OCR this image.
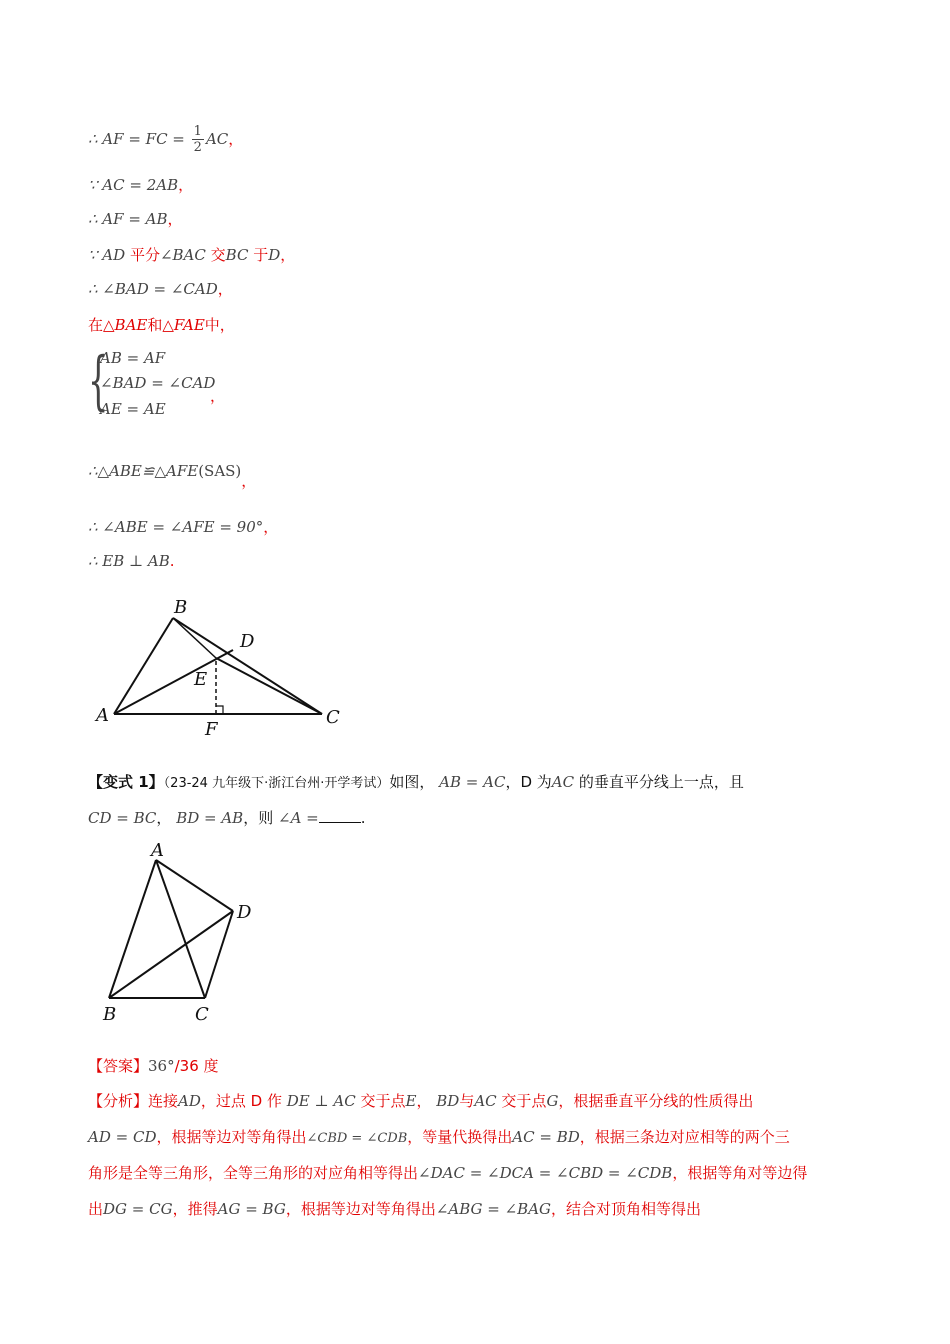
∴ AF = FC = $\frac{1}{2}$ AC，
∵ AC = 2AB，
∴ AF = AB，
∵ AD 平分∠BAC 交BC 于D，
∴ ∠BAD = ∠CAD，
在△BAE和△FAE中，
{
AB = AF
∠BAD = ∠CAD
AE = AE
，
∴△ABE≌△AFE(SAS)，
∴ ∠ABE = ∠AFE = 90°，
∴ EB ⊥ AB.
B
D
E
A	C
F
【变式 1】（23-24 九年级下·浙江台州·开学考试）如图， AB = AC，D 为AC 的垂直平分线上一点，且
CD = BC， BD = AB，则 ∠A =	.
A
D
B	C
【答案】36°/36 度
【分析】连接AD，过点 D 作 DE ⊥ AC 交于点E， BD与AC 交于点G，根据垂直平分线的性质得出
AD = CD，根据等边对等角得出∠CBD = ∠CDB，等量代换得出AC = BD，根据三条边对应相等的两个三
角形是全等三角形，全等三角形的对应角相等得出∠DAC = ∠DCA = ∠CBD = ∠CDB，根据等角对等边得
出DG = CG，推得AG = BG，根据等边对等角得出∠ABG = ∠BAG，结合对顶角相等得出
